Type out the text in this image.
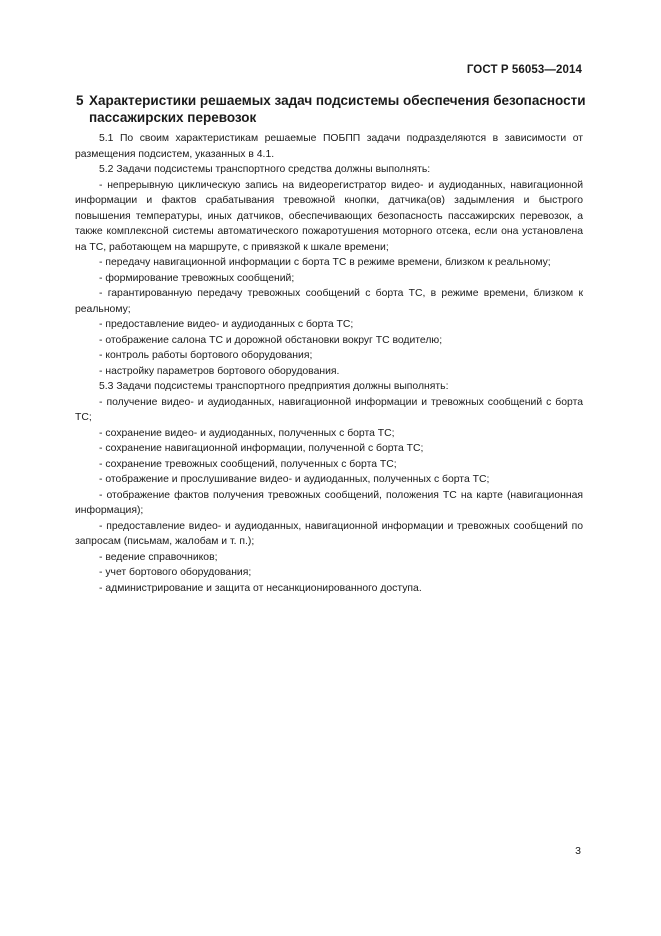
ГОСТ Р 56053—2014
5 Характеристики решаемых задач подсистемы обеспечения безопасности пассажирских перевозок

5.1 По своим характеристикам решаемые ПОБПП задачи подразделяются в зависимости от размещения подсистем, указанных в 4.1.

5.2 Задачи подсистемы транспортного средства должны выполнять:

- непрерывную циклическую запись на видеорегистратор видео- и аудиоданных, навигационной информации и фактов срабатывания тревожной кнопки, датчика(ов) задымления и быстрого повышения температуры, иных датчиков, обеспечивающих безопасность пассажирских перевозок, а также комплексной системы автоматического пожаротушения моторного отсека, если она установлена на ТС, работающем на маршруте, с привязкой к шкале времени;

- передачу навигационной информации с борта ТС в режиме времени, близком к реальному;

- формирование тревожных сообщений;

- гарантированную передачу тревожных сообщений с борта ТС, в режиме времени, близком к реальному;

- предоставление видео- и аудиоданных с борта ТС;

- отображение салона ТС и дорожной обстановки вокруг ТС водителю;

- контроль работы бортового оборудования;

- настройку параметров бортового оборудования.

5.3 Задачи подсистемы транспортного предприятия должны выполнять:

- получение видео- и аудиоданных, навигационной информации и тревожных сообщений с борта ТС;

- сохранение видео- и аудиоданных, полученных с борта ТС;

- сохранение навигационной информации, полученной с борта ТС;

- сохранение тревожных сообщений, полученных с борта ТС;

- отображение и прослушивание видео- и аудиоданных, полученных с борта ТС;

- отображение фактов получения тревожных сообщений, положения ТС на карте (навигационная информация);

- предоставление видео- и аудиоданных, навигационной информации и тревожных сообщений по запросам (письмам, жалобам и т. п.);

- ведение справочников;

- учет бортового оборудования;

- администрирование и защита от несанкционированного доступа.

3
